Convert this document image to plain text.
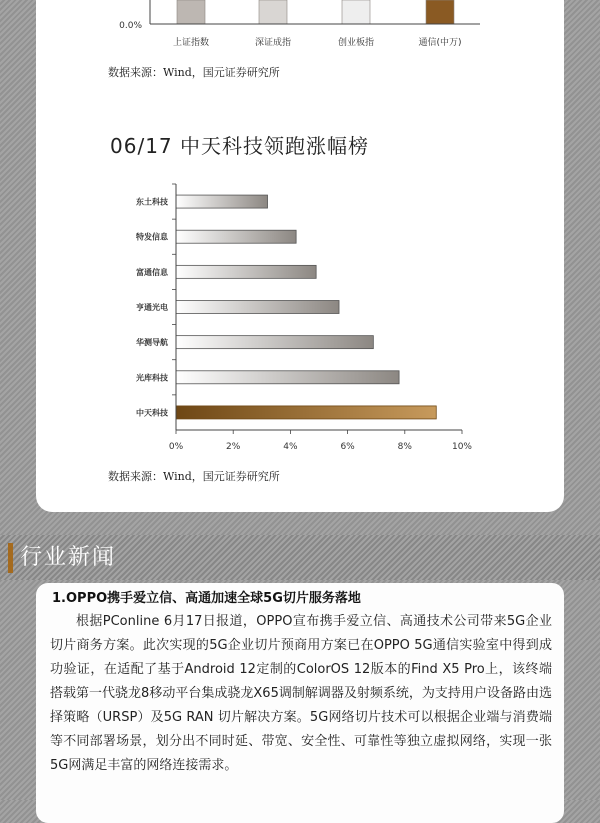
0.0%
上证指数	深证成指	创业板指	通信(中万)
数据来源：Wind，国元证券研究所
06/17 中天科技领跑涨幅榜
东土科技
特发信息
富通信息
亨通光电
华测导航
光库科技
中天科技
0%	2%	4%	6%	8%	10%
数据来源：Wind，国元证券研究所
行业新闻
1.OPPO携手爱立信、高通加速全球5G切片服务落地
根据PConline 6月17日报道，OPPO宣布携手爱立信、高通技术公司带来5G企业切片商务方案。此次实现的5G企业切片预商用方案已在OPPO 5G通信实验室中得到成功验证，在适配了基于Android 12定制的ColorOS 12版本的Find X5 Pro上，该终端搭载第一代骁龙8移动平台集成骁龙X65调制解调器及射频系统，为支持用户设备路由选择策略（URSP）及5G RAN 切片解决方案。5G网络切片技术可以根据企业端与消费端等不同部署场景，划分出不同时延、带宽、安全性、可靠性等独立虚拟网络，实现一张5G网满足丰富的网络连接需求。
